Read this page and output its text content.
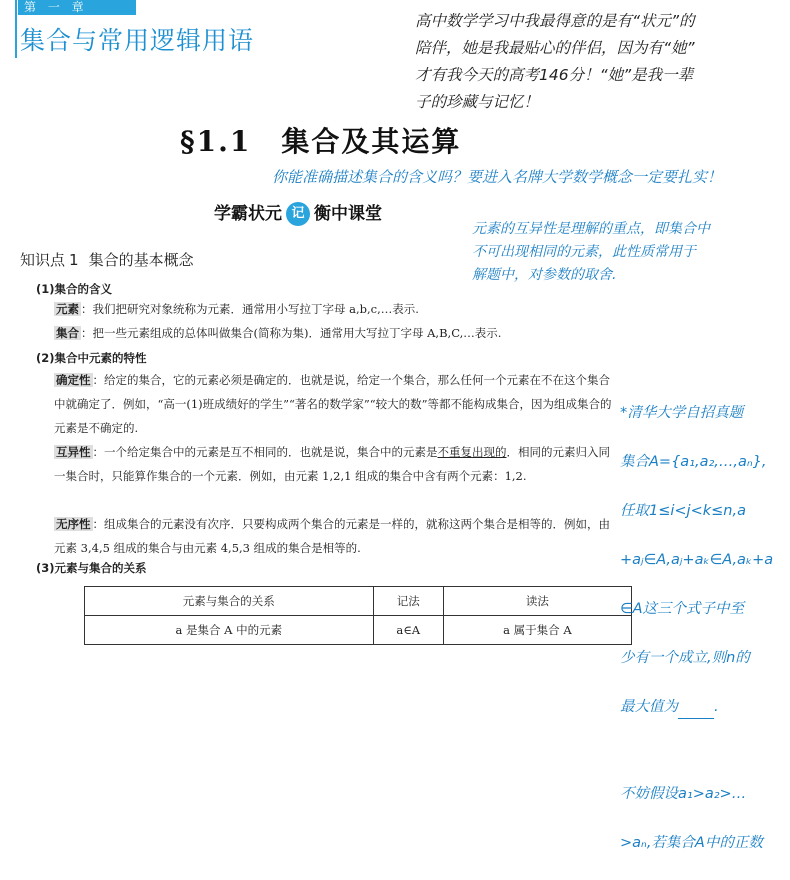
第 一 章
集合与常用逻辑用语
高中数学学习中我最得意的是有“状元”的
陪伴，她是我最贴心的伴侣，因为有“她”
才有我今天的高考146分！“她”是我一辈
子的珍藏与记忆！
§1.1　集合及其运算
你能准确描述集合的含义吗？要进入名牌大学数学概念一定要扎实！
学霸状元 记 衡中课堂
元素的互异性是理解的重点，即集合中
不可出现相同的元素，此性质常用于
解题中，对参数的取舍.
知识点 1 集合的基本概念
(1)集合的含义
元素 ：我们把研究对象统称为元素．通常用小写拉丁字母 a,b,c,…表示.
集合 ：把一些元素组成的总体叫做集合(简称为集)．通常用大写拉丁字母 A,B,C,…表示.
(2)集合中元素的特性
确定性 ：给定的集合，它的元素必须是确定的．也就是说，给定一个集合，那么任何一个元素在不在这个集合中就确定了．例如，“高一(1)班成绩好的学生”“著名的数学家”“较大的数”等都不能构成集合，因为组成集合的元素是不确定的.
互异性 ：一个给定集合中的元素是互不相同的．也就是说，集合中的元素是不重复出现的．相同的元素归入同一集合时，只能算作集合的一个元素．例如，由元素 1,2,1 组成的集合中含有两个元素：1,2.
无序性 ：组成集合的元素没有次序．只要构成两个集合的元素是一样的，就称这两个集合是相等的．例如，由元素 3,4,5 组成的集合与由元素 4,5,3 组成的集合是相等的.
(3)元素与集合的关系
元素与集合的关系	记法	读法
a 是集合 A 中的元素	a∈A	a 属于集合 A

*清华大学自招真题

集合A={a₁,a₂,…,aₙ},

任取1≤i<j<k≤n,a

+aⱼ∈A,aⱼ+aₖ∈A,aₖ+a

∈A这三个式子中至

少有一个成立,则n的

最大值为 .

不妨假设a₁>a₂>…

>aₙ,若集合A中的正数
